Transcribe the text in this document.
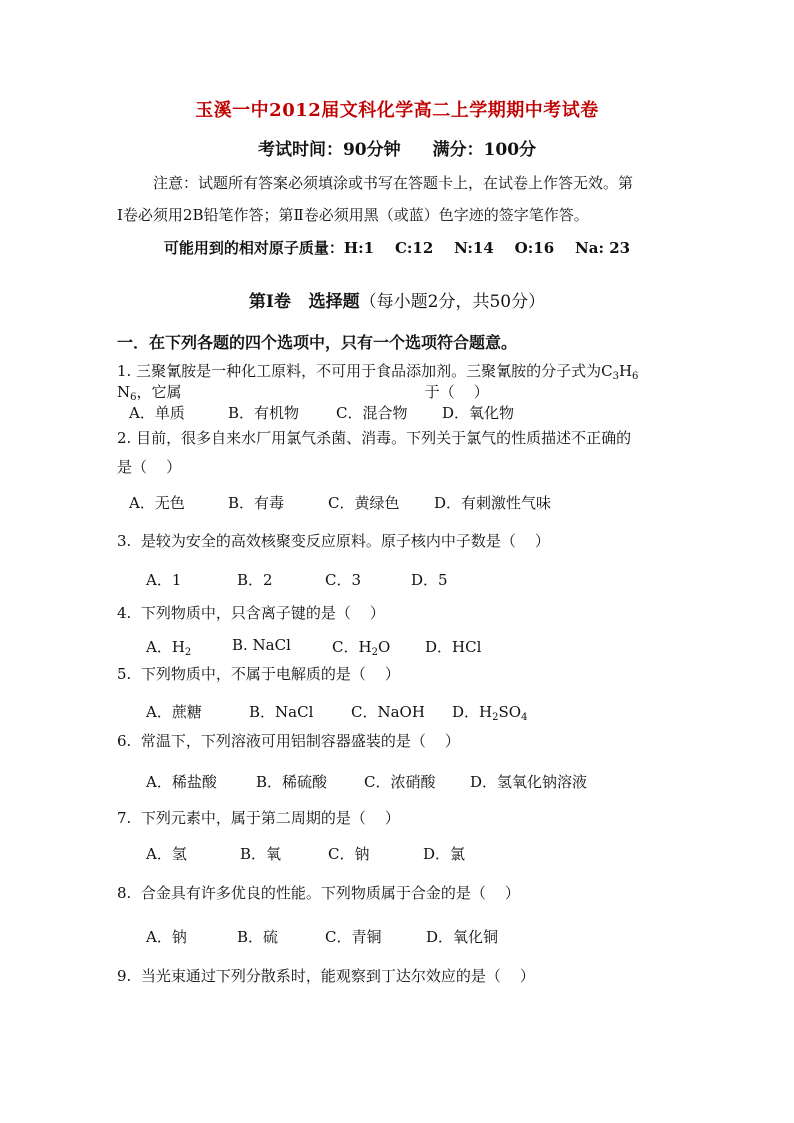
玉溪一中2012届文科化学高二上学期期中考试卷
考试时间：90分钟 满分：100分
注意：试题所有答案必须填涂或书写在答题卡上，在试卷上作答无效。第
Ⅰ卷必须用2B铅笔作答；第Ⅱ卷必须用黑（或蓝）色字迹的签字笔作答。
可能用到的相对原子质量：H:1    C:12    N:14    O:16    Na: 23
第Ⅰ卷   选择题（每小题2分，共50分）
一．在下列各题的四个选项中，只有一个选项符合题意。
1. 三聚氰胺是一种化工原料，不可用于食品添加剂。三聚氰胺的分子式为$C_3H_6$
$N_6$，它属                                                   于（    ）
A．单质	B．有机物 C．混合物 D．氧化物
2. 目前，很多自来水厂用氯气杀菌、消毒。下列关于氯气的性质描述不正确的
是（    ）
A．无色	B．有毒	C．黄绿色 D．有刺激性气味
3.  是较为安全的高效核聚变反应原料。原子核内中子数是（    ）
A．1	B．2	C．3	D．5
4.  下列物质中，只含离子键的是（    ）
A．$H_2$	B. NaCl	C．$H_2O$ D．HCl
5.  下列物质中，不属于电解质的是（    ）
A．蔗糖	B．NaCl	C．NaOH D．$H_2SO_4$
6.  常温下，下列溶液可用铝制容器盛装的是（    ）
A．稀盐酸	B．稀硫酸 C．浓硝酸 D．氢氧化钠溶液
7.  下列元素中，属于第二周期的是（    ）
A．氢	B．氧	C．钠	D．氯
8.  合金具有许多优良的性能。下列物质属于合金的是（    ）
A．钠	B．硫	C．青铜	D．氧化铜
9.  当光束通过下列分散系时，能观察到丁达尔效应的是（    ）
